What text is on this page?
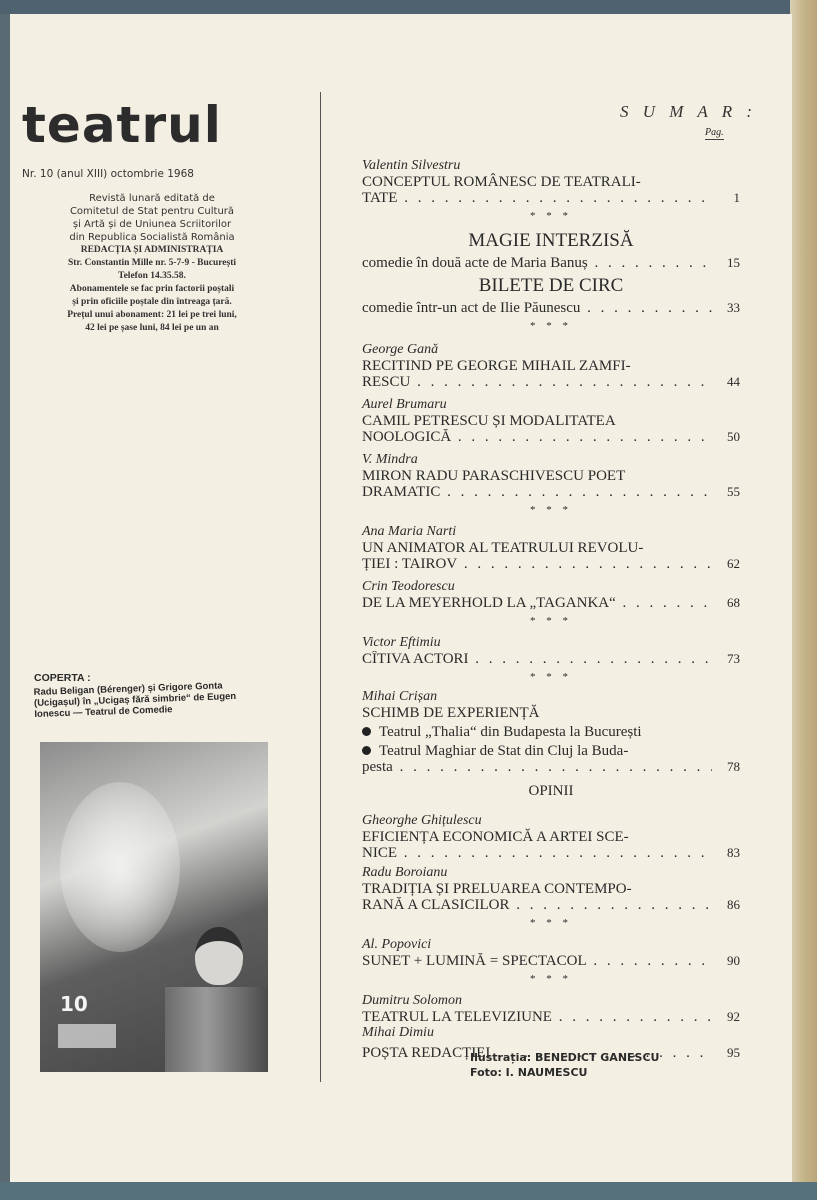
teatrul
Nr. 10 (anul XIII) octombrie 1968
Revistă lunară editată de
Comitetul de Stat pentru Cultură
și Artă și de Uniunea Scriitorilor
din Republica Socialistă România
REDACȚIA ȘI ADMINISTRAȚIA
Str. Constantin Mille nr. 5-7-9 - București
Telefon 14.35.58.
Abonamentele se fac prin factorii poștali
și prin oficiile poștale din întreaga țară.
Prețul unui abonament: 21 lei pe trei luni,
42 lei pe șase luni, 84 lei pe un an
COPERTA :
Radu Beligan (Bérenger) și Grigore Gonta (Ucigașul) în „Ucigaș fără simbrie“ de Eugen Ionescu — Teatrul de Comedie
10
S U M A R :
Pag.
Valentin Silvestru
CONCEPTUL ROMÂNESC DE TEATRALI-
TATE . . .	1
* * *
MAGIE INTERZISĂ
comedie în două acte de Maria Banuș . . .	15
BILETE DE CIRC
comedie într-un act de Ilie Păunescu . . .	33
* * *
George Gană
RECITIND PE GEORGE MIHAIL ZAMFI-
RESCU . . .	44
Aurel Brumaru
CAMIL PETRESCU ȘI MODALITATEA
NOOLOGICĂ . . .	50
V. Mindra
MIRON RADU PARASCHIVESCU POET
DRAMATIC . . .	55
* * *
Ana Maria Narti
UN ANIMATOR AL TEATRULUI REVOLU-
ȚIEI : TAIROV . . .	62
Crin Teodorescu
DE LA MEYERHOLD LA „TAGANKA“ . . .	68
* * *
Victor Eftimiu
CÎTIVA ACTORI . . .	73
* * *
Mihai Crișan
SCHIMB DE EXPERIENȚĂ
Teatrul „Thalia“ din Budapesta la București
Teatrul Maghiar de Stat din Cluj la Buda-
pesta . . .	78
OPINII
Gheorghe Ghițulescu
EFICIENȚA ECONOMICĂ A ARTEI SCE-
NICE . . .	83
Radu Boroianu
TRADIȚIA ȘI PRELUAREA CONTEMPO-
RANĂ A CLASICILOR . . .	86
* * *
Al. Popovici
SUNET + LUMINĂ = SPECTACOL . . .	90
* * *
Dumitru Solomon
TEATRUL LA TELEVIZIUNE . . .	92
Mihai Dimiu
POȘTA REDACȚIEI . . .	95
Ilustrația: BENEDICT GANESCU
Foto: I. NAUMESCU
